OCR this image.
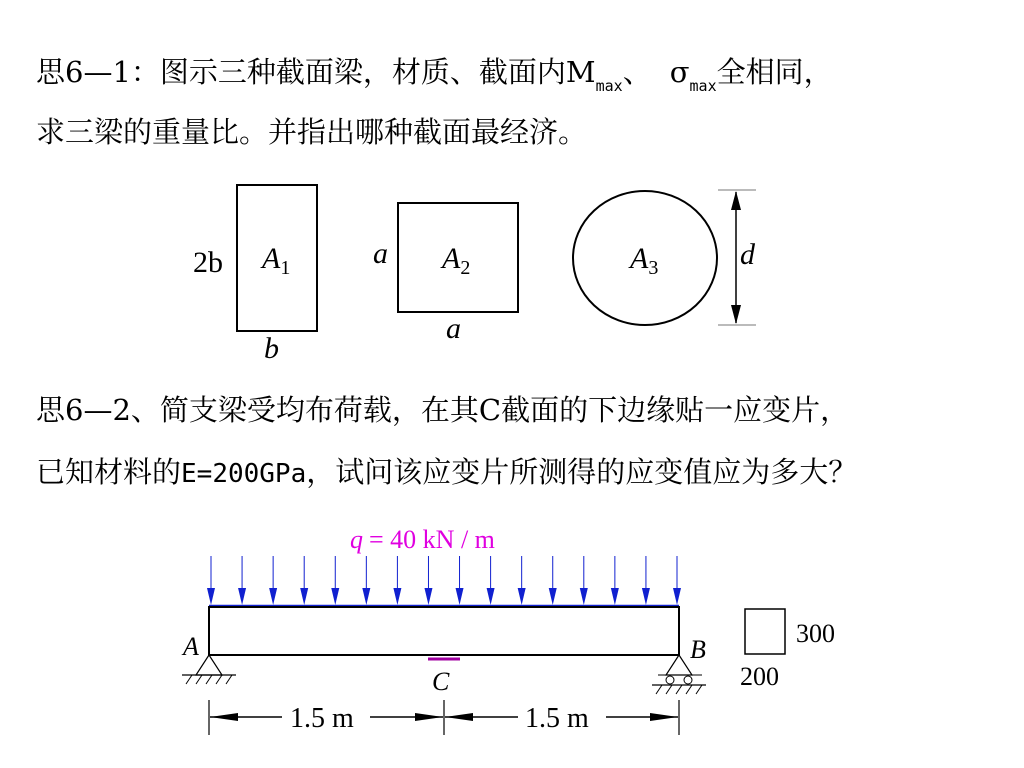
思6—1：图示三种截面梁，材质、截面内$M_{max}$、 $\sigma_{max}$全相同，
求三梁的重量比。并指出哪种截面最经济。
思6—2、简支梁受均布荷载，在其C截面的下边缘贴一应变片，
已知材料的E=200GPa，试问该应变片所测得的应变值应为多大？
2b $A_1$
b
a $A_2$
a
$A_3$	d
q = 40 kN / m
A	B
C
1.5 m	1.5 m
300
200
